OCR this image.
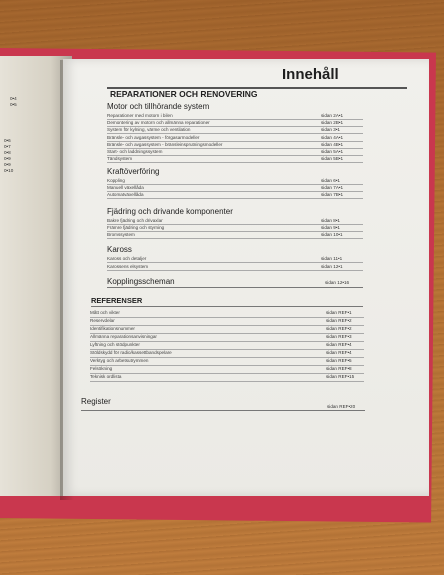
0•4
0•5
0•6
0•7
0•8
0•9
0•9
0•10
Innehåll
REPARATIONER OCH RENOVERING
Motor och tillhörande system
Reparationer med motorn i bilen	sidan 2A•1
Demontering av motorn och allmänna reparationer	sidan 2B•1
System för kylning, värme och ventilation	sidan 3•1
Bränsle- och avgassystem - förgasarmodeller	sidan 4A•1
Bränsle- och avgassystem - bränsleinsprutningsmodeller	sidan 4B•1
Start- och laddningssystem	sidan 5A•1
Tändsystem	sidan 5B•1
Kraftöverföring
Koppling	sidan 6•1
Manuell växellåda	sidan 7A•1
Automatväxellåda	sidan 7B•1
Fjädring och drivande komponenter
Bakre fjädring och drivaxlar	sidan 8•1
Främre fjädring och styrning	sidan 9•1
Bromssystem	sidan 10•1
Kaross
Kaross och detaljer	sidan 11•1
Karossens elsystem	sidan 12•1
Kopplingsscheman	sidan 12•16
REFERENSER
Mått och vikter	sidan REF•1
Reservdelar	sidan REF•2
Identifikationsnummer	sidan REF•2
Allmänna reparationsanvisningar	sidan REF•3
Lyftning och stödpunkter	sidan REF•4
Stöldskydd för radio/kassettbandspelare	sidan REF•4
Verktyg och arbetsutrymmen	sidan REF•5
Felsökning	sidan REF•8
Teknisk ordlista	sidan REF•15
Register
sidan REF•20
